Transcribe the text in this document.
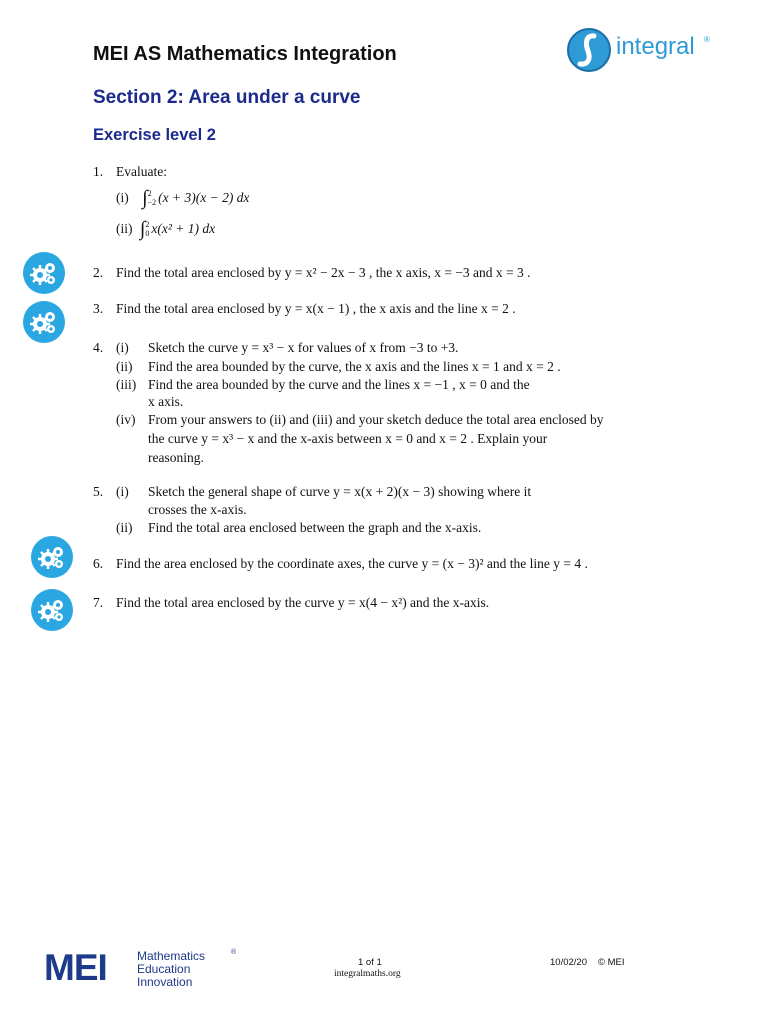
MEI AS Mathematics Integration
Section 2: Area under a curve
Exercise level 2
integral ®
1. Evaluate:
(i) ∫ 2
−2 (x + 3)(x − 2) dx
(ii) ∫ 2
0 x(x² + 1) dx
2. Find the total area enclosed by y = x² − 2x − 3 , the x axis, x = −3 and x = 3 .
3. Find the total area enclosed by y = x(x − 1) , the x axis and the line x = 2 .
4. (i) Sketch the curve y = x³ − x for values of x from −3 to +3.
(ii) Find the area bounded by the curve, the x axis and the lines x = 1 and x = 2 .
(iii) Find the area bounded by the curve and the lines x = −1 , x = 0 and the
x axis.
(iv) From your answers to (ii) and (iii) and your sketch deduce the total area enclosed by
the curve y = x³ − x and the x-axis between x = 0 and x = 2 . Explain your
reasoning.
5. (i) Sketch the general shape of curve y = x(x + 2)(x − 3) showing where it
crosses the x-axis.
(ii) Find the total area enclosed between the graph and the x-axis.
6. Find the area enclosed by the coordinate axes, the curve y = (x − 3)² and the line y = 4 .
7. Find the total area enclosed by the curve y = x(4 − x²) and the x-axis.
MEI	Mathematics	®
Education
Innovation
1 of 1
integralmaths.org
10/02/20 © MEI
